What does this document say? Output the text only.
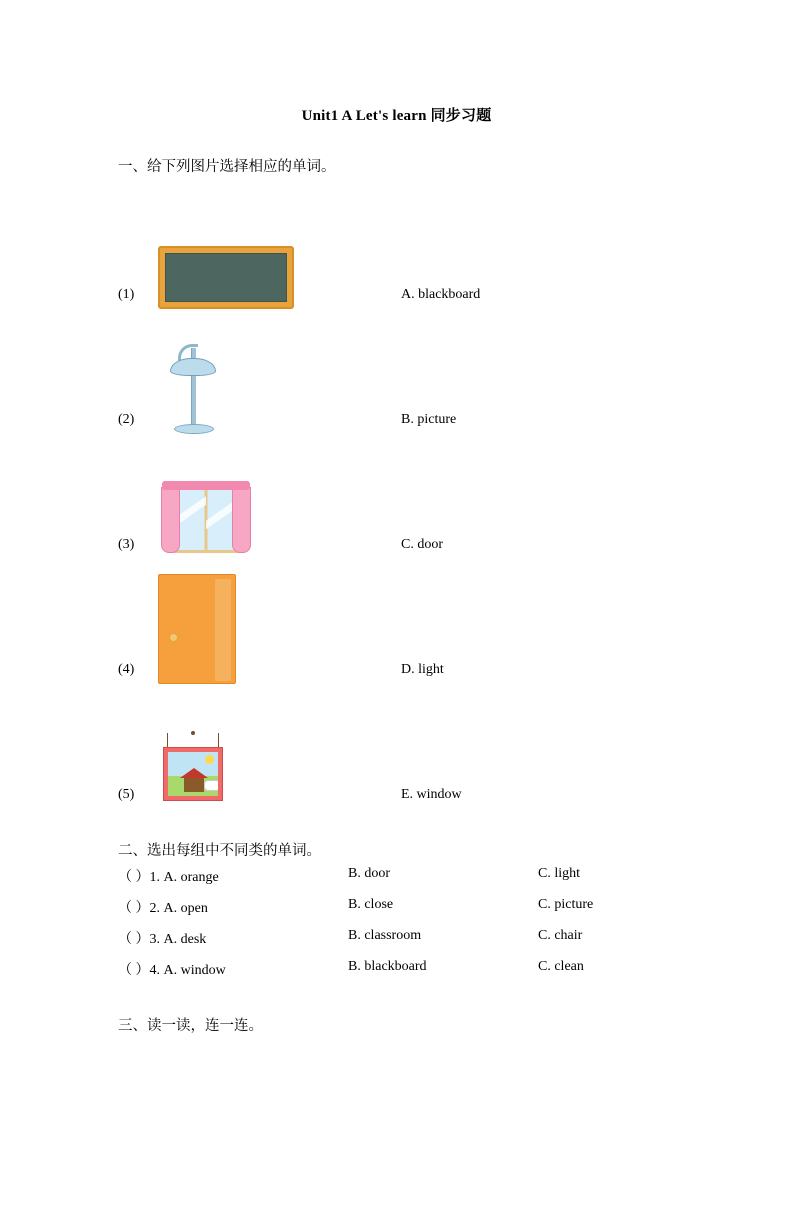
Unit1 A Let's learn 同步习题
一、给下列图片选择相应的单词。
(1)	A. blackboard
(2)	B. picture
(3)	C. door
(4)	D. light
(5)	E. window
二、选出每组中不同类的单词。
（ ）1. A. orange	B. door	C. light
（ ）2. A. open	B. close	C. picture
（ ）3. A. desk	B. classroom	C. chair
（ ）4. A. window	B. blackboard	C. clean
三、读一读，连一连。
